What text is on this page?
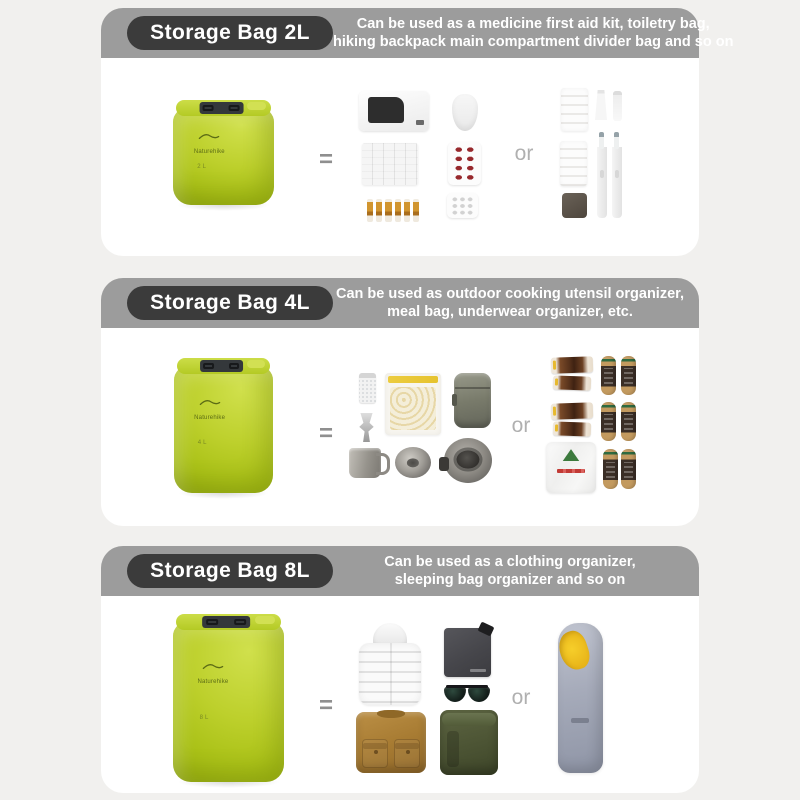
Storage Bag 2L	Can be used as a medicine first aid kit, toiletry bag,
hiking backpack main compartment divider bag and so on
Naturehike
2L	=	or
Storage Bag 4L	Can be used as outdoor cooking utensil organizer,
meal bag, underwear organizer, etc.
Naturehike
4L	=	or
Storage Bag 8L	Can be used as a clothing organizer,
sleeping bag organizer and so on
Naturehike
8L	=	or
